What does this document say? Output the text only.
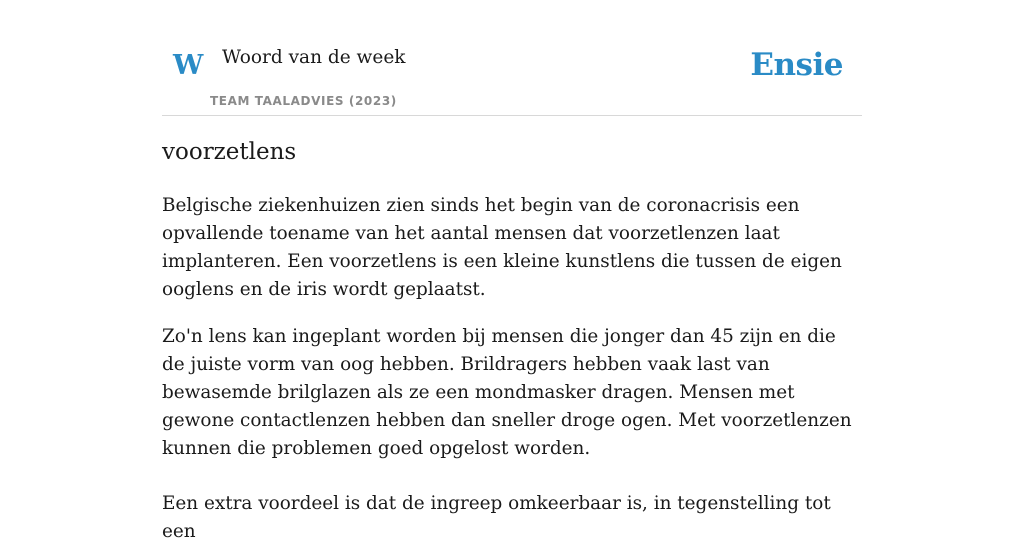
W Woord van de week
TEAM TAALADVIES (2023)
Ensie
voorzetlens

Belgische ziekenhuizen zien sinds het begin van de coronacrisis een opvallende toename van het aantal mensen dat voorzetlenzen laat implanteren. Een voorzetlens is een kleine kunstlens die tussen de eigen ooglens en de iris wordt geplaatst.

Zo'n lens kan ingeplant worden bij mensen die jonger dan 45 zijn en die de juiste vorm van oog hebben. Brildragers hebben vaak last van bewasemde brilglazen als ze een mondmasker dragen. Mensen met gewone contactlenzen hebben dan sneller droge ogen. Met voorzetlenzen kunnen die problemen goed opgelost worden.

Een extra voordeel is dat de ingreep omkeerbaar is, in tegenstelling tot een
